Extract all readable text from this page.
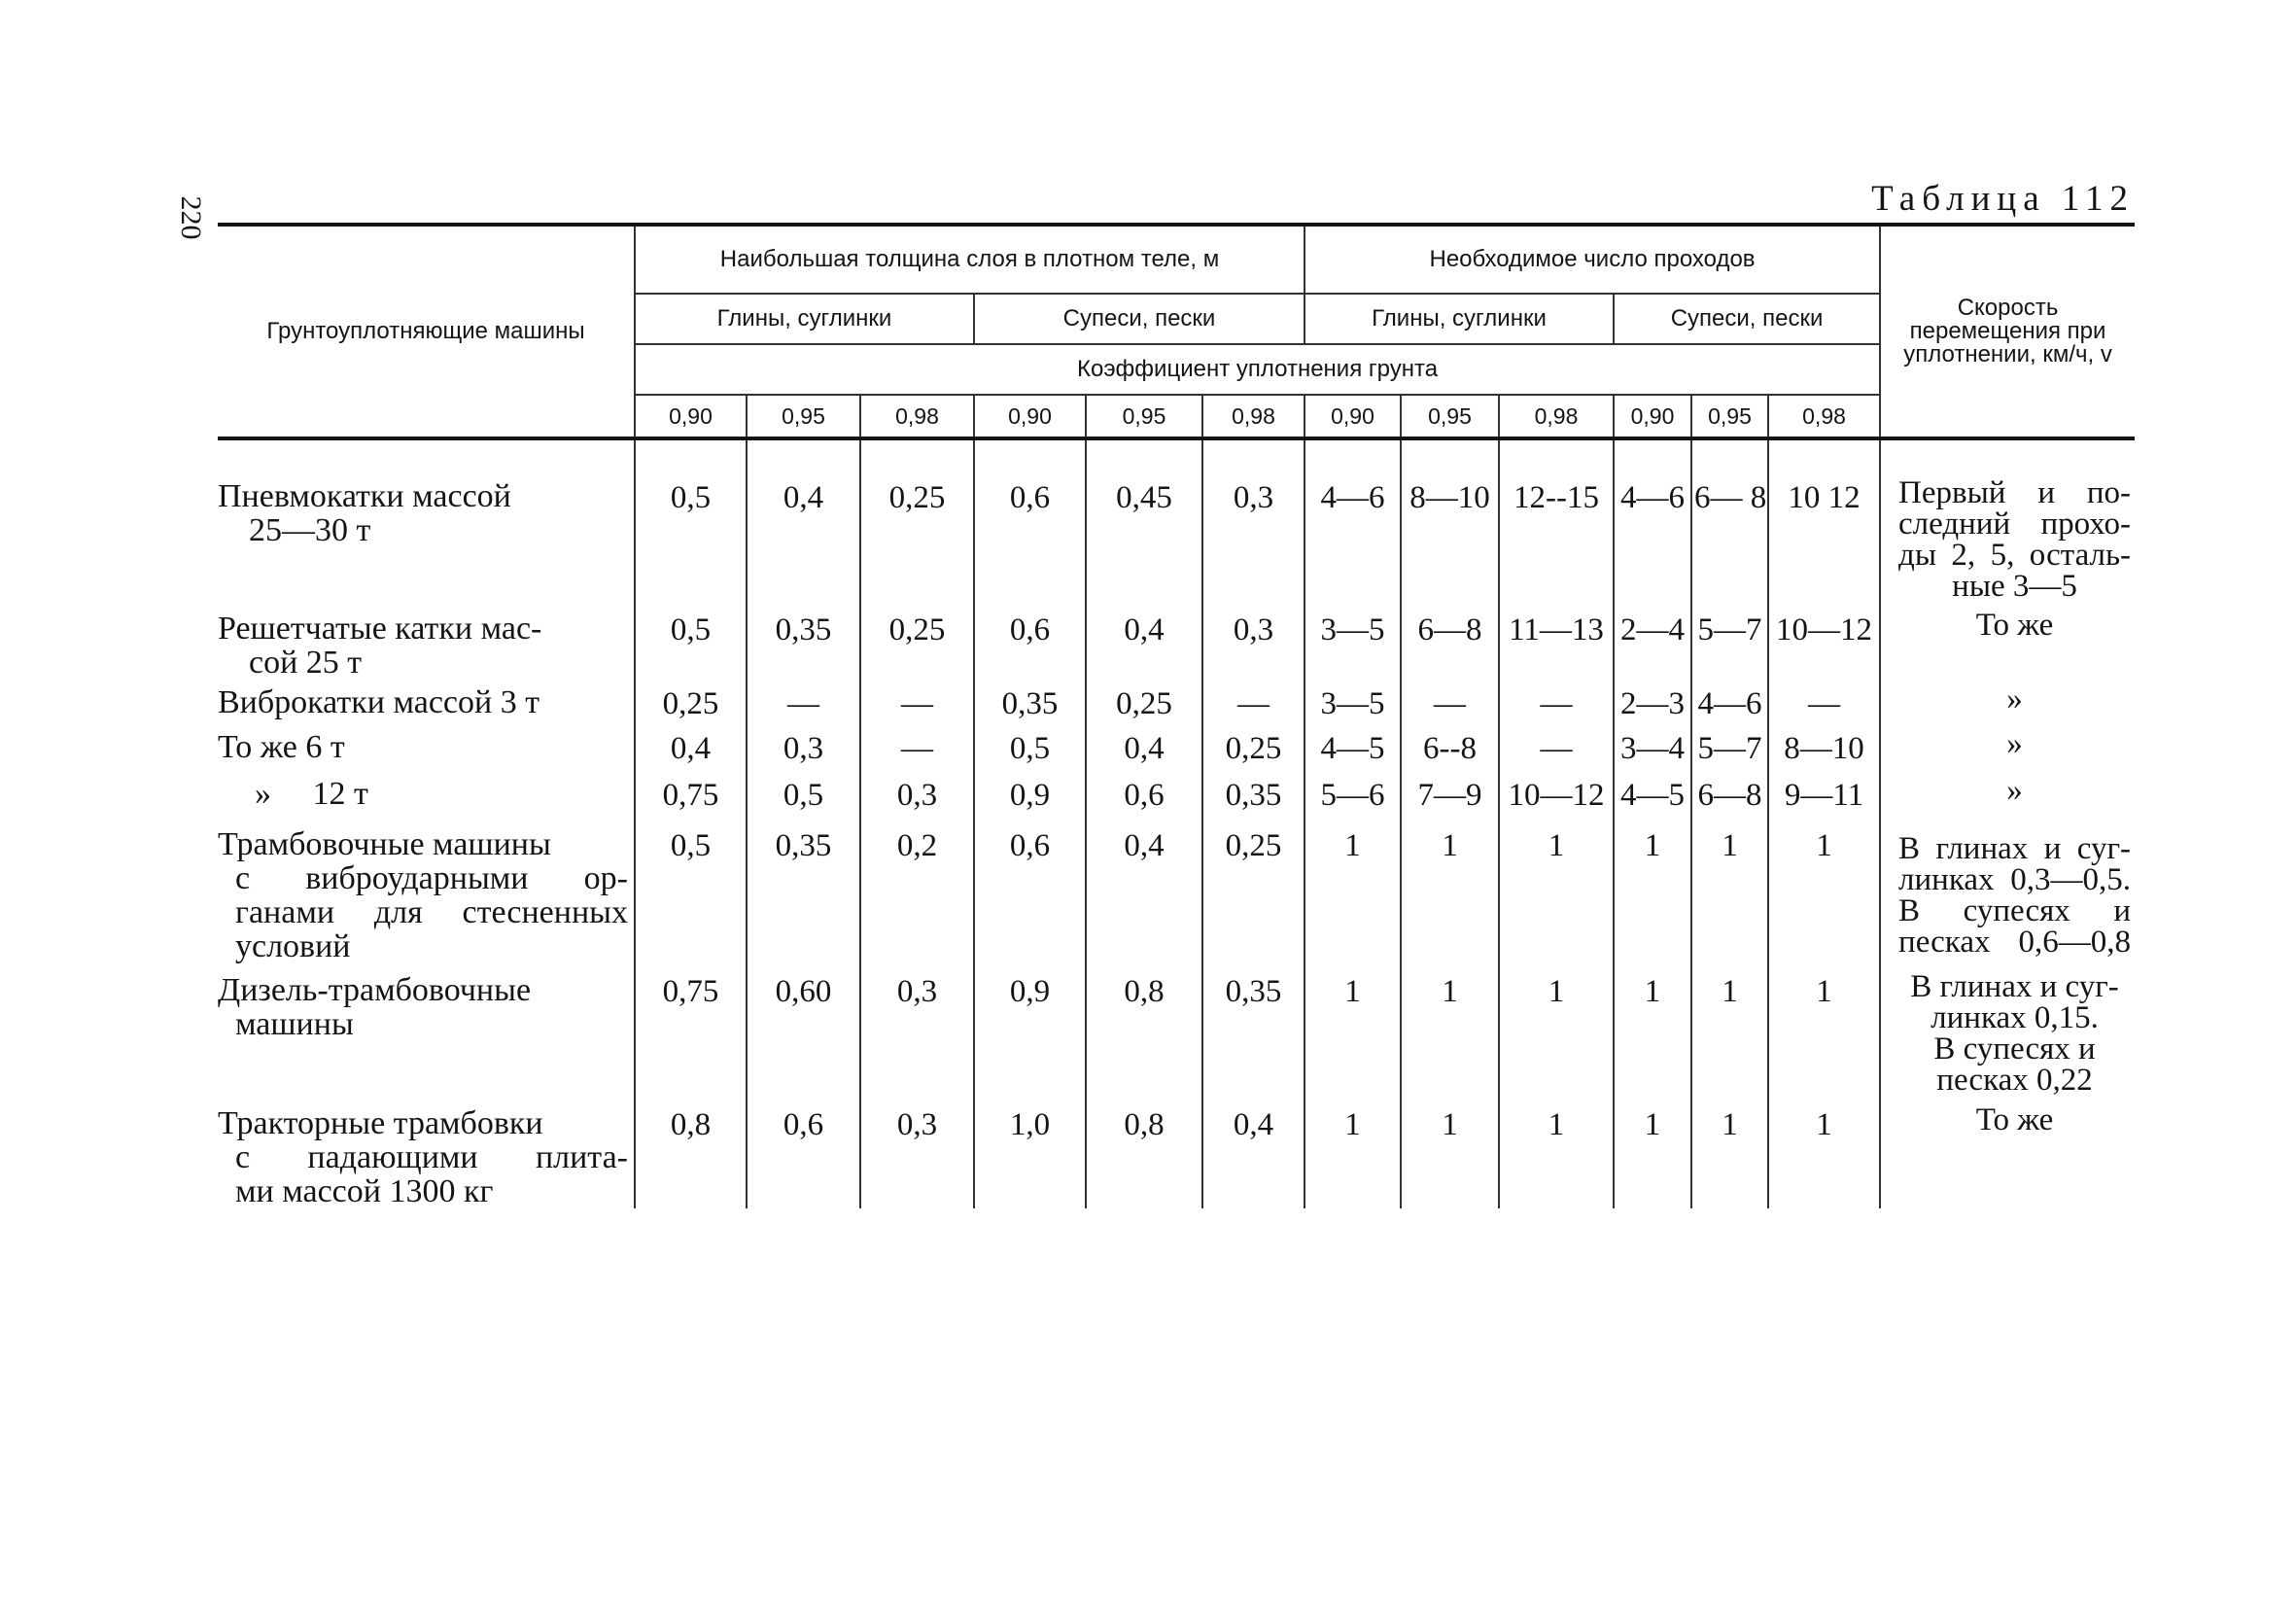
220	Таблица 112
Грунтоуплотняющие машины	Наибольшая толщина слоя в плотном теле, м						Необходимое число проходов						Скорость перемещения при уплотнении, км/ч, v
	Глины, суглинки			Супеси, пески			Глины, суглинки			Супеси, пески			
	Коэффициент уплотнения грунта												
	0,90	0,95	0,98	0,90	0,95	0,98	0,90	0,95	0,98	0,90	0,95	0,98	
Пневмокатки массой
25—30 т	0,5	0,4	0,25	0,6	0,45	0,3	4—6	8—10	12--15	4—6	6— 8	10 12	Первый и по-
следний прохо-
ды 2, 5, осталь-
ные 3—5

Решетчатые катки мас-
сой 25 т	0,5	0,35	0,25	0,6	0,4	0,3	3—5	6—8	11—13	2—4	5—7	10—12	То же

Виброкатки массой 3 т	0,25	—	—	0,35	0,25	—	3—5	—	—	2—3	4—6	—	»

То же 6 т	0,4	0,3	—	0,5	0,4	0,25	4—5	6--8	—	3—4	5—7	8—10	»

»     12 т	0,75	0,5	0,3	0,9	0,6	0,35	5—6	7—9	10—12	4—5	6—8	9—11	»

Трамбовочные машины
с виброударными ор-
ганами для стесненных
условий	0,5	0,35	0,2	0,6	0,4	0,25	1	1	1	1	1	1	В глинах и суг-
линках 0,3—0,5.
В супесях и
песках 0,6—0,8

Дизель-трамбовочные
машины	0,75	0,60	0,3	0,9	0,8	0,35	1	1	1	1	1	1	В глинах и суг-
линках 0,15.
В супесях и
песках 0,22

Тракторные трамбовки
с падающими плита-
ми массой 1300 кг	0,8	0,6	0,3	1,0	0,8	0,4	1	1	1	1	1	1	То же
